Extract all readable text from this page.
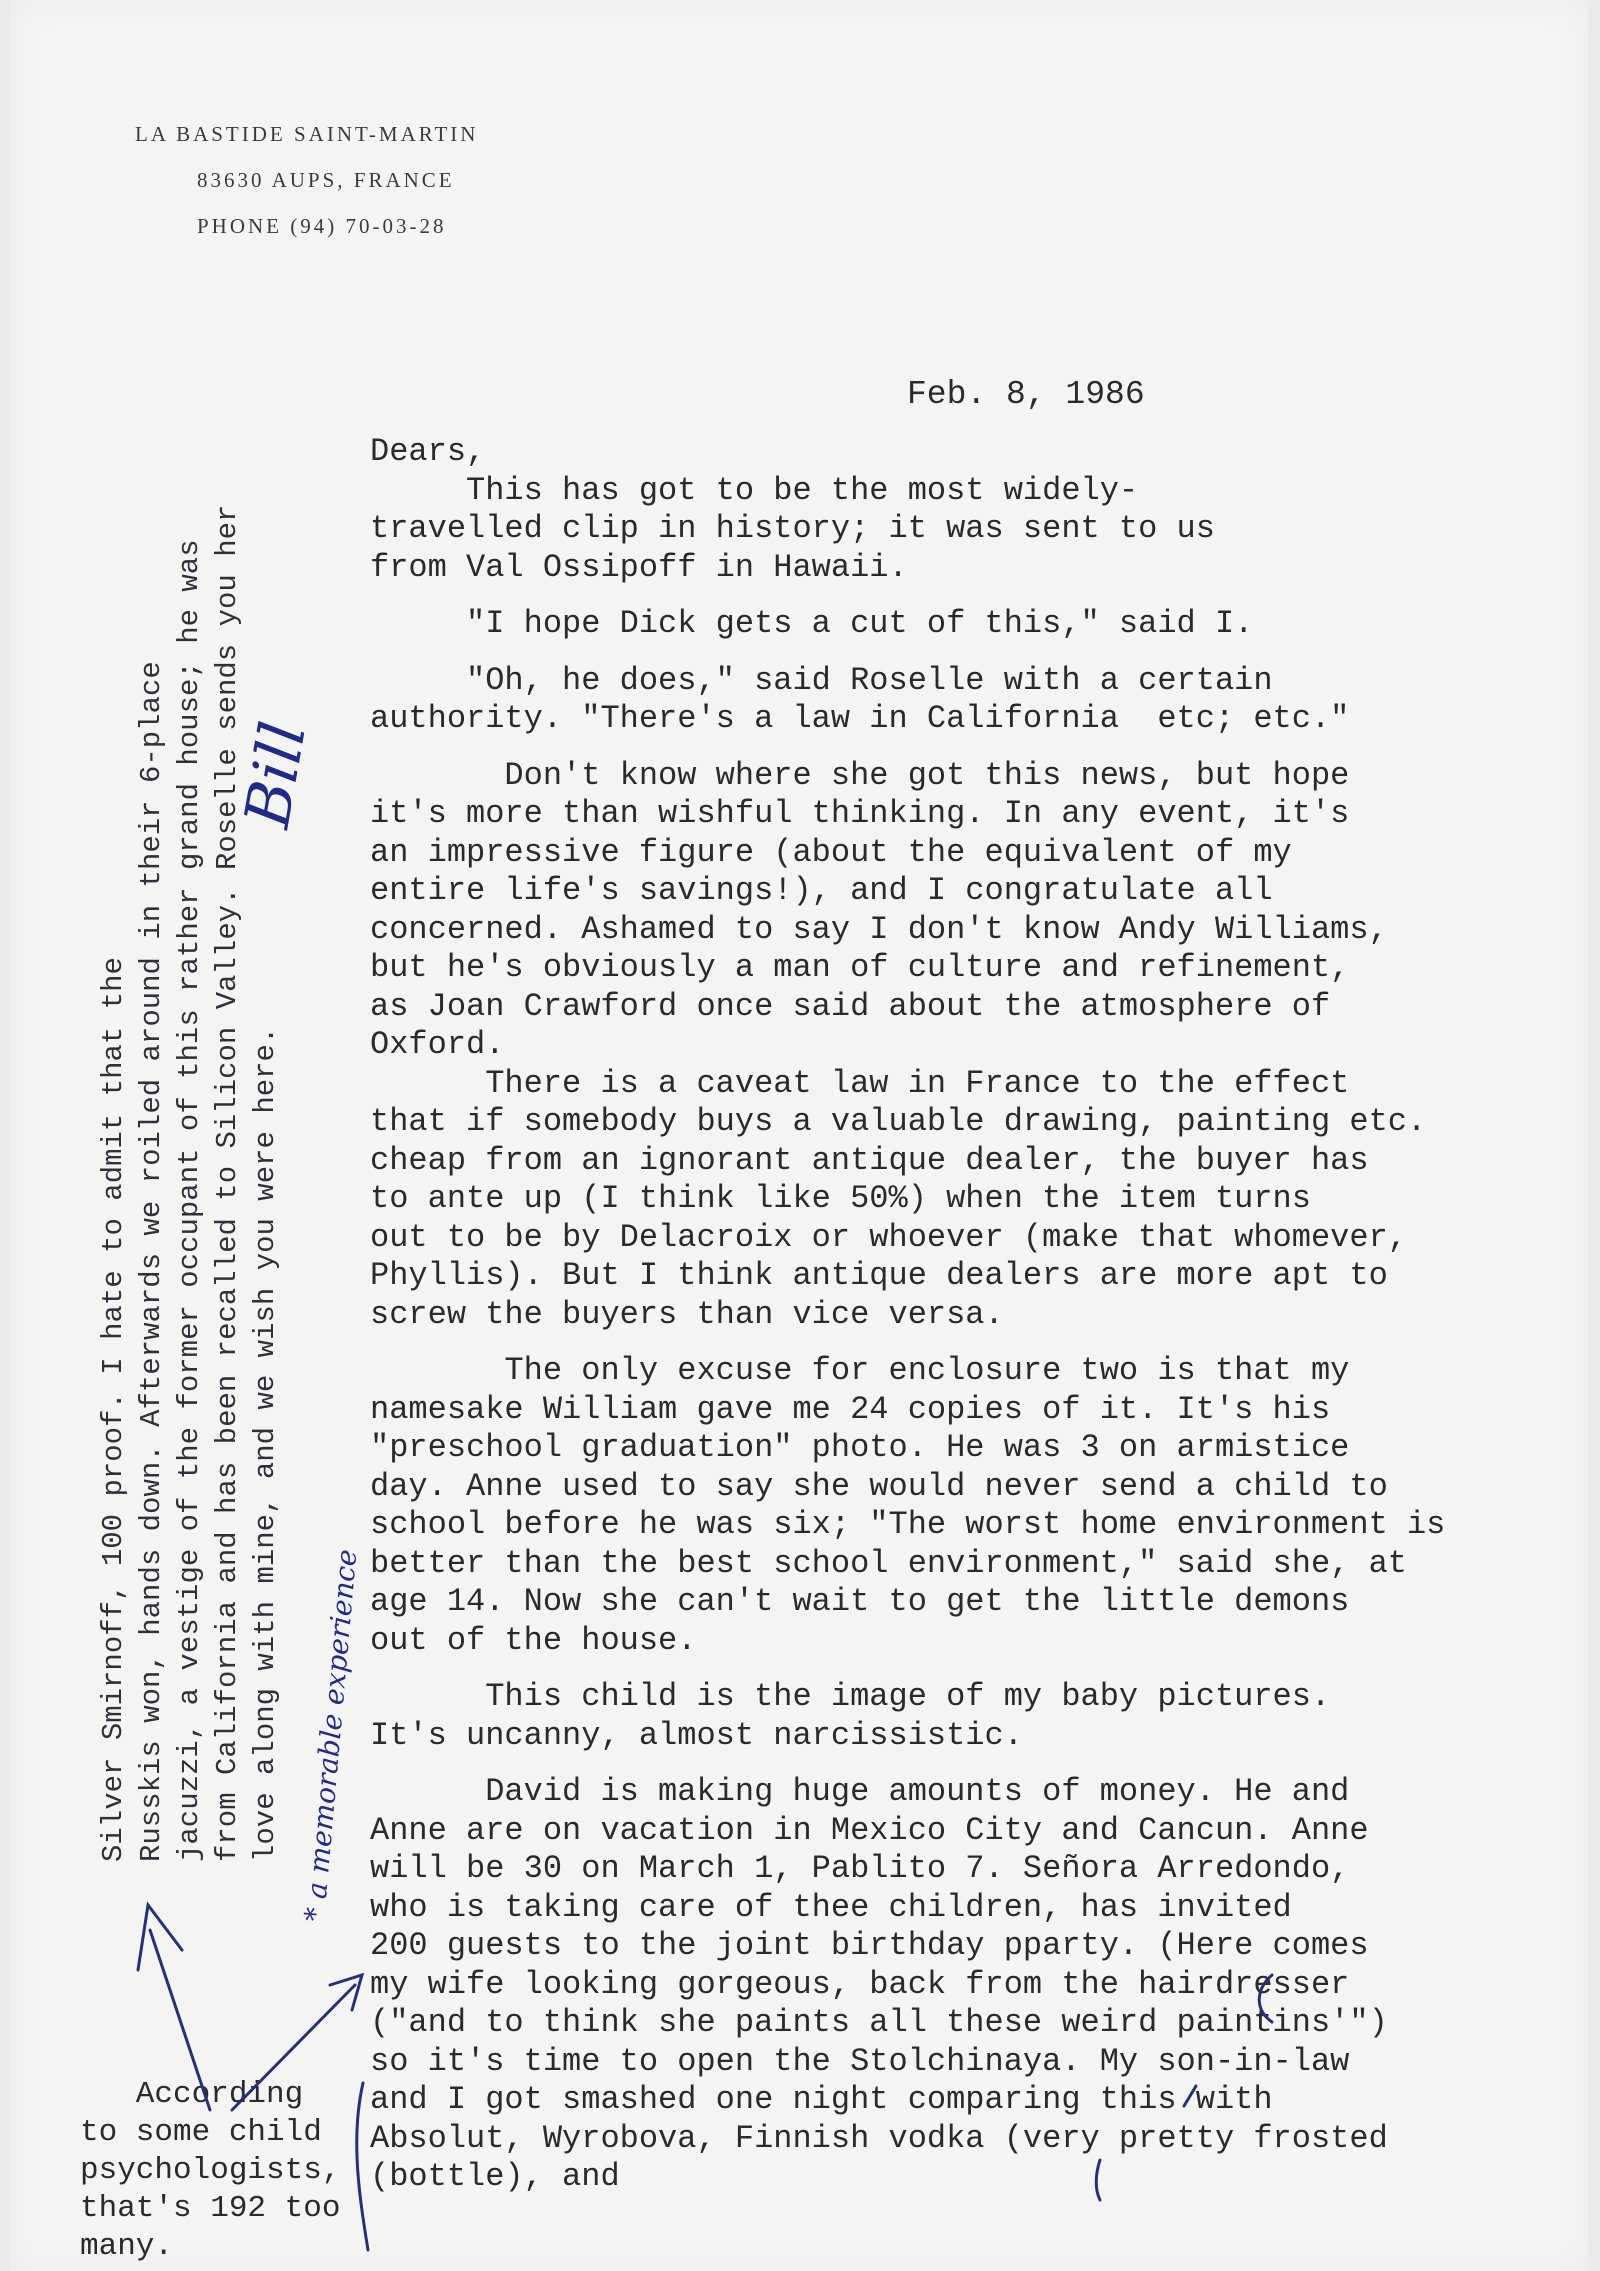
LA BASTIDE SAINT-MARTIN
83630 AUPS, FRANCE
PHONE (94) 70-03-28
Feb. 8, 1986
Dears,
This has got to be the most widely-
travelled clip in history; it was sent to us
from Val Ossipoff in Hawaii.
"I hope Dick gets a cut of this," said I.
"Oh, he does," said Roselle with a certain
authority. "There's a law in California  etc; etc."
Don't know where she got this news, but hope
it's more than wishful thinking. In any event, it's
an impressive figure (about the equivalent of my
entire life's savings!), and I congratulate all
concerned. Ashamed to say I don't know Andy Williams,
but he's obviously a man of culture and refinement,
as Joan Crawford once said about the atmosphere of
Oxford.
There is a caveat law in France to the effect
that if somebody buys a valuable drawing, painting etc.
cheap from an ignorant antique dealer, the buyer has
to ante up (I think like 50%) when the item turns
out to be by Delacroix or whoever (make that whomever,
Phyllis). But I think antique dealers are more apt to
screw the buyers than vice versa.
The only excuse for enclosure two is that my
namesake William gave me 24 copies of it. It's his
"preschool graduation" photo. He was 3 on armistice
day. Anne used to say she would never send a child to
school before he was six; "The worst home environment is
better than the best school environment," said she, at
age 14. Now she can't wait to get the little demons
out of the house.
This child is the image of my baby pictures.
It's uncanny, almost narcissistic.
David is making huge amounts of money. He and
Anne are on vacation in Mexico City and Cancun. Anne
will be 30 on March 1, Pablito 7. Señora Arredondo,
who is taking care of thee children, has invited
200 guests to the joint birthday pparty. (Here comes
my wife looking gorgeous, back from the hairdresser
("and to think she paints all these weird paintins'")
so it's time to open the Stolchinaya. My son-in-law
and I got smashed one night comparing this with
Absolut, Wyrobova, Finnish vodka (very pretty frosted
(bottle), and
Silver Smirnoff, 100 proof. I hate to admit that the Russkis won, hands down. Afterwards we roiled around in their 6-place jacuzzi, a vestige of the former occupant of this rather grand house; he was from California and has been recalled to Silicon Valley. Roselle sends you her love along with mine, and we wish you were here.
Bill
* a memorable experience
According
to some child
psychologists,
that's 192 too
many.
